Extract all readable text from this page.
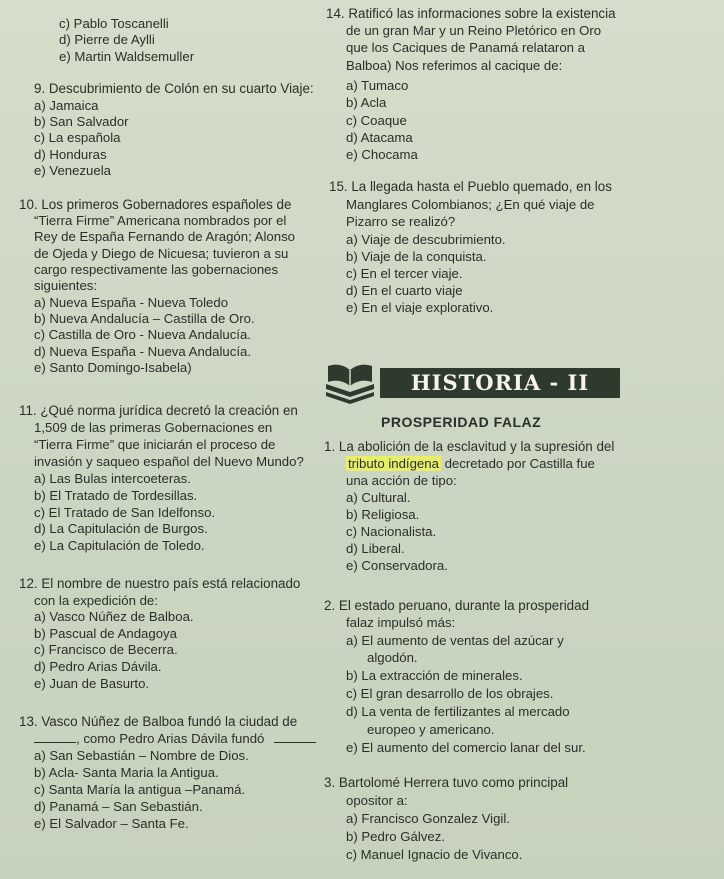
c) Pablo Toscanelli
d) Pierre de Aylli
e) Martin Waldsemuller
9. Descubrimiento de Colón en su cuarto Viaje:
a) Jamaica
b) San Salvador
c) La española
d) Honduras
e) Venezuela
10. Los primeros Gobernadores españoles de
“Tierra Firme” Americana nombrados por el
Rey de España Fernando de Aragón; Alonso
de Ojeda y Diego de Nicuesa; tuvieron a su
cargo respectivamente las gobernaciones
siguientes:
a) Nueva España - Nueva Toledo
b) Nueva Andalucía – Castilla de Oro.
c) Castilla de Oro - Nueva Andalucía.
d) Nueva España - Nueva Andalucía.
e) Santo Domingo-Isabela)
11. ¿Qué norma jurídica decretó la creación en
1,509 de las primeras Gobernaciones en
“Tierra Firme” que iniciarán el proceso de
invasión y saqueo español del Nuevo Mundo?
a) Las Bulas intercoeteras.
b) El Tratado de Tordesillas.
c) El Tratado de San Idelfonso.
d) La Capitulación de Burgos.
e) La Capitulación de Toledo.
12. El nombre de nuestro país está relacionado
con la expedición de:
a) Vasco Núñez de Balboa.
b) Pascual de Andagoya
c) Francisco de Becerra.
d) Pedro Arias Dávila.
e) Juan de Basurto.
13. Vasco Núñez de Balboa fundó la ciudad de
, como Pedro Arias Dávila fundó
a) San Sebastián – Nombre de Dios.
b) Acla- Santa Maria la Antigua.
c) Santa María la antigua –Panamá.
d) Panamá – San Sebastián.
e) El Salvador – Santa Fe.
14. Ratificó las informaciones sobre la existencia
de un gran Mar y un Reino Pletórico en Oro
que los Caciques de Panamá relataron a
Balboa) Nos referimos al cacique de:
a) Tumaco
b) Acla
c) Coaque
d) Atacama
e) Chocama
15. La llegada hasta el Pueblo quemado, en los
Manglares Colombianos; ¿En qué viaje de
Pizarro se realizó?
a) Viaje de descubrimiento.
b) Viaje de la conquista.
c) En el tercer viaje.
d) En el cuarto viaje
e) En el viaje explorativo.
HISTORIA - II
PROSPERIDAD FALAZ
1. La abolición de la esclavitud y la supresión del
tributo indígena decretado por Castilla fue
una acción de tipo:
a) Cultural.
b) Religiosa.
c) Nacionalista.
d) Liberal.
e) Conservadora.
2. El estado peruano, durante la prosperidad
falaz impulsó más:
a) El aumento de ventas del azúcar y
algodón.
b) La extracción de minerales.
c) El gran desarrollo de los obrajes.
d) La venta de fertilizantes al mercado
europeo y americano.
e) El aumento del comercio lanar del sur.
3. Bartolomé Herrera tuvo como principal
opositor a:
a) Francisco Gonzalez Vigil.
b) Pedro Gálvez.
c) Manuel Ignacio de Vivanco.
